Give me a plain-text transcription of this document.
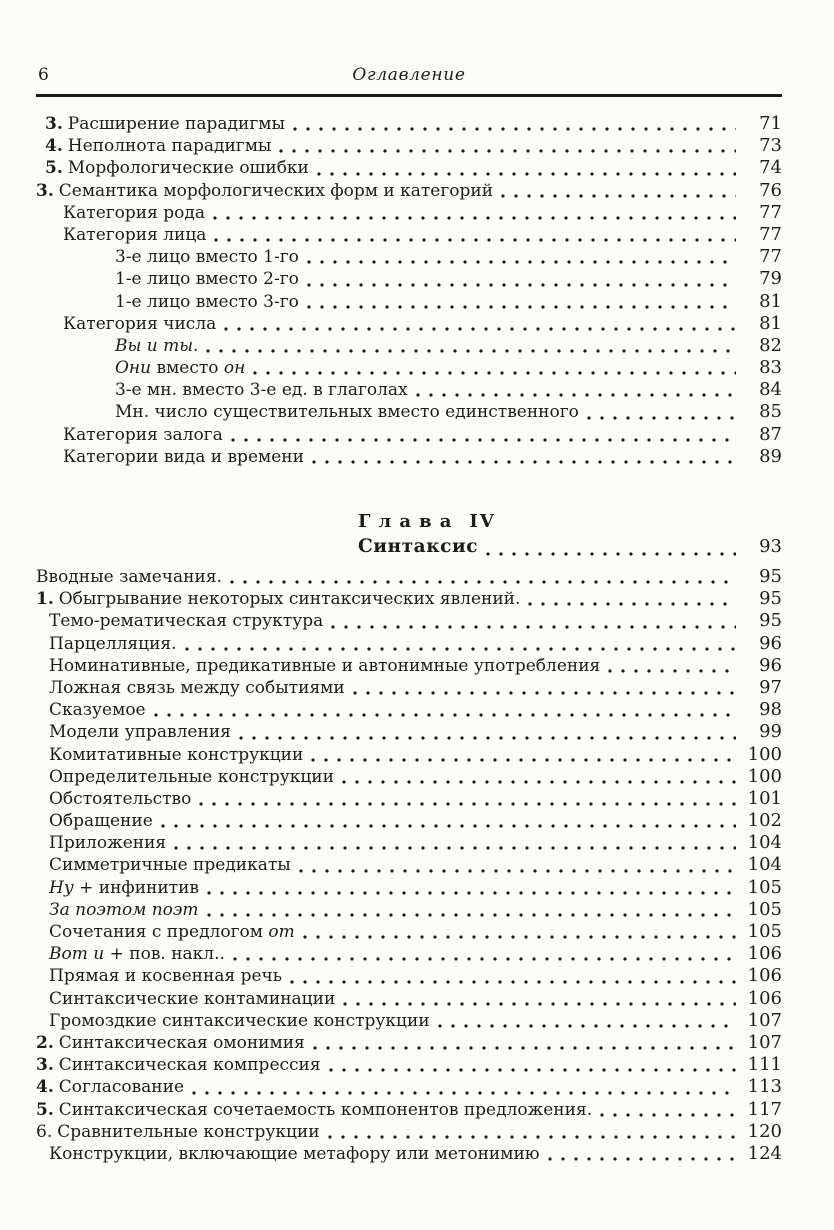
6	Оглавление
3. Расширение парадигмы	71
4. Неполнота парадигмы	73
5. Морфологические ошибки	74
3. Семантика морфологических форм и категорий	76
Категория рода	77
Категория лица	77
3-е лицо вместо 1-го	77
1-е лицо вместо 2-го	79
1-е лицо вместо 3-го	81
Категория числа	81
Вы и ты.	82
Они вместо он	83
3-е мн. вместо 3-е ед. в глаголах	84
Мн. число существительных вместо единственного	85
Категория залога	87
Категории вида и времени	89
Глава IV
Синтаксис	93
Вводные замечания.	95
1. Обыгрывание некоторых синтаксических явлений.	95
Темо-рематическая структура	95
Парцелляция.	96
Номинативные, предикативные и автонимные употребления	96
Ложная связь между событиями	97
Сказуемое	98
Модели управления	99
Комитативные конструкции	100
Определительные конструкции	100
Обстоятельство	101
Обращение	102
Приложения	104
Симметричные предикаты	104
Ну + инфинитив	105
За поэтом поэт	105
Сочетания с предлогом от	105
Вот и + пов. накл..	106
Прямая и косвенная речь	106
Синтаксические контаминации	106
Громоздкие синтаксические конструкции	107
2. Синтаксическая омонимия	107
3. Синтаксическая компрессия	111
4. Согласование	113
5. Синтаксическая сочетаемость компонентов предложения.	117
6. Сравнительные конструкции	120
Конструкции, включающие метафору или метонимию	124
